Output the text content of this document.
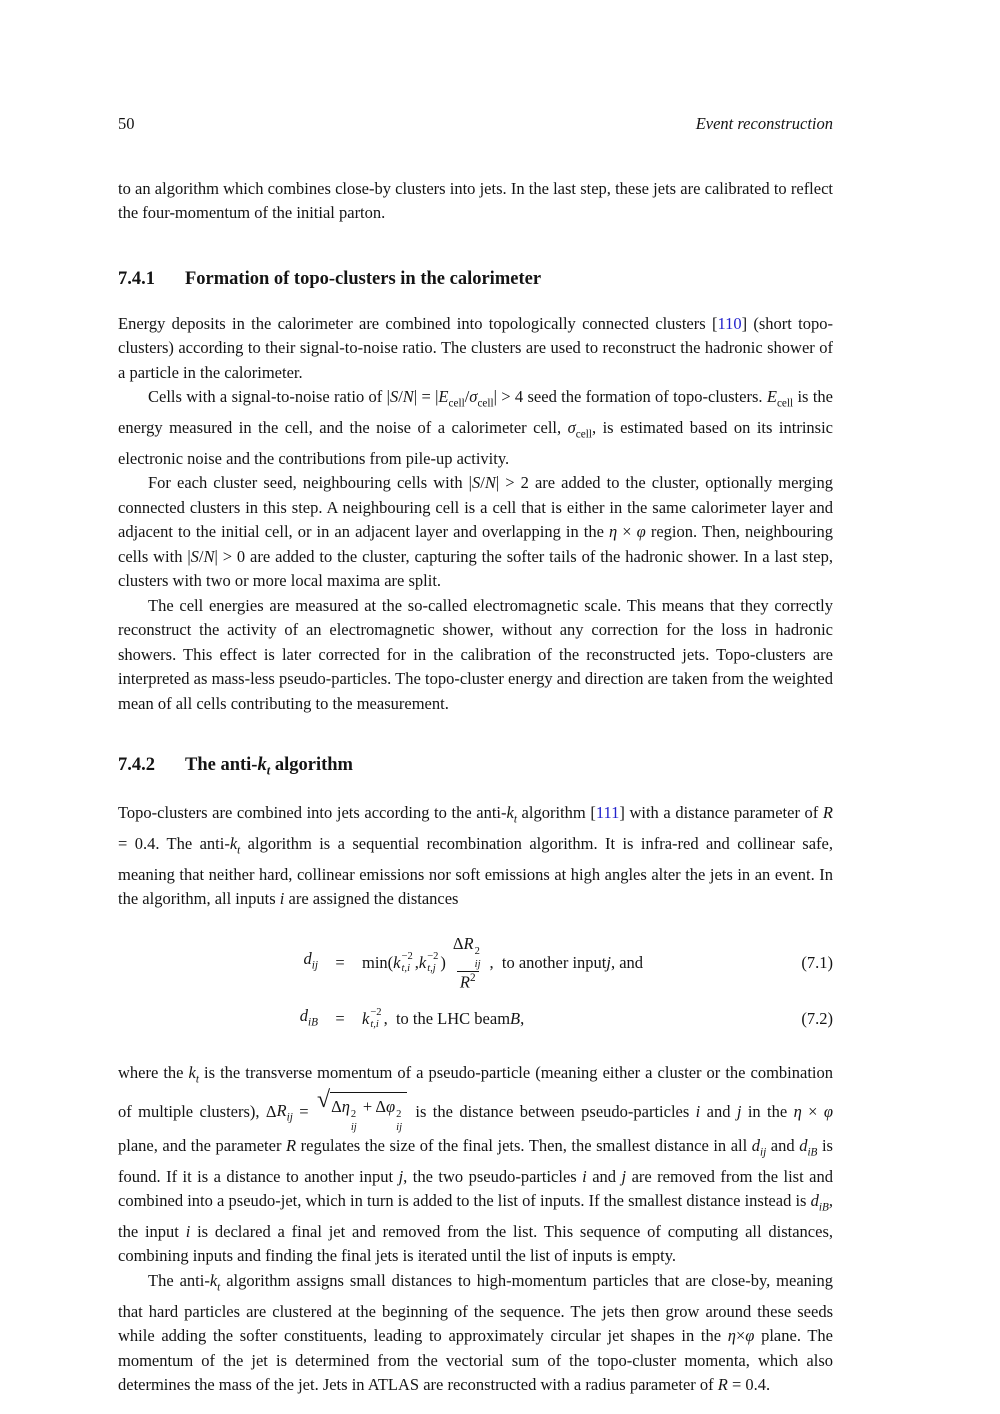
50	Event reconstruction

to an algorithm which combines close-by clusters into jets. In the last step, these jets are calibrated to reflect the four-momentum of the initial parton.

7.4.1 Formation of topo-clusters in the calorimeter

Energy deposits in the calorimeter are combined into topologically connected clusters [110] (short topo-clusters) according to their signal-to-noise ratio. The clusters are used to reconstruct the hadronic shower of a particle in the calorimeter.

Cells with a signal-to-noise ratio of $|S/N| = |E_{cell}/\sigma_{cell}| > 4$ seed the formation of topo-clusters. $E_{cell}$ is the energy measured in the cell, and the noise of a calorimeter cell, $\sigma_{cell}$, is estimated based on its intrinsic electronic noise and the contributions from pile-up activity.

For each cluster seed, neighbouring cells with |S/N| > 2 are added to the cluster, optionally merging connected clusters in this step. A neighbouring cell is a cell that is either in the same calorimeter layer and adjacent to the initial cell, or in an adjacent layer and overlapping in the η × φ region. Then, neighbouring cells with |S/N| > 0 are added to the cluster, capturing the softer tails of the hadronic shower. In a last step, clusters with two or more local maxima are split.

The cell energies are measured at the so-called electromagnetic scale. This means that they correctly reconstruct the activity of an electromagnetic shower, without any correction for the loss in hadronic showers. This effect is later corrected for in the calibration of the reconstructed jets. Topo-clusters are interpreted as mass-less pseudo-particles. The topo-cluster energy and direction are taken from the weighted mean of all cells contributing to the measurement.

7.4.2 The anti-$k_t$ algorithm

Topo-clusters are combined into jets according to the anti-$k_t$ algorithm [111] with a distance parameter of R = 0.4. The anti-$k_t$ algorithm is a sequential recombination algorithm. It is infra-red and collinear safe, meaning that neither hard, collinear emissions nor soft emissions at high angles alter the jets in an event. In the algorithm, all inputs i are assigned the distances

$d_{ij}$	=	min( k −2
t,i , k −2
t,j ) ΔR 2
ij
$R^2$ ,  to another input j , and	(7.1)
$d_{iB}$	=	k −2
t,i ,  to the LHC beam B ,	(7.2)

where the $k_t$ is the transverse momentum of a pseudo-particle (meaning either a cluster or the combination of multiple clusters), $\Delta R_{ij}$ = √ Δη 2
ij
+ Δφ 2
ij
is the distance between pseudo-particles i and j in the η × φ plane, and the parameter R regulates the size of the final jets. Then, the smallest distance in all $d_{ij}$ and $d_{iB}$ is found. If it is a distance to another input j, the two pseudo-particles i and j are removed from the list and combined into a pseudo-jet, which in turn is added to the list of inputs. If the smallest distance instead is $d_{iB}$, the input i is declared a final jet and removed from the list. This sequence of computing all distances, combining inputs and finding the final jets is iterated until the list of inputs is empty.

The anti-$k_t$ algorithm assigns small distances to high-momentum particles that are close-by, meaning that hard particles are clustered at the beginning of the sequence. The jets then grow around these seeds while adding the softer constituents, leading to approximately circular jet shapes in the η×φ plane. The momentum of the jet is determined from the vectorial sum of the topo-cluster momenta, which also determines the mass of the jet. Jets in ATLAS are reconstructed with a radius parameter of R = 0.4.
